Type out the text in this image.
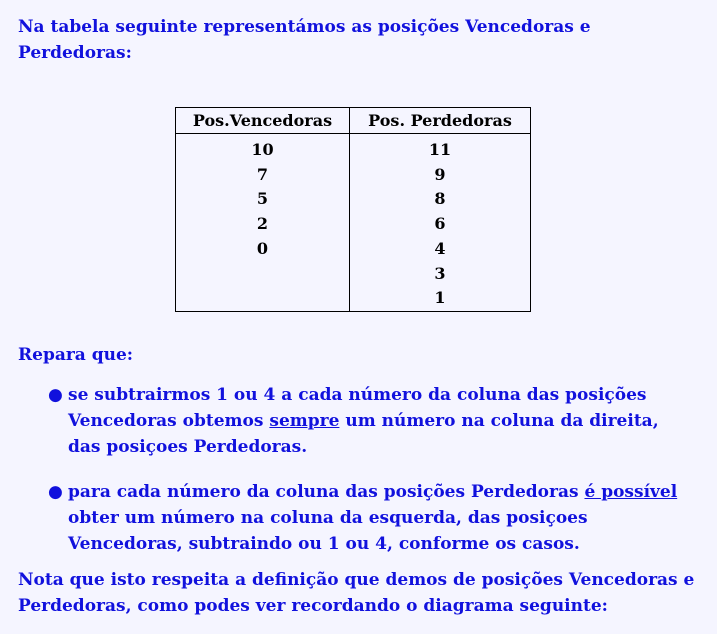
Na tabela seguinte representámos as posições Vencedoras e Perdedoras:

Pos.Vencedoras	Pos. Perdedoras
10	11
7	9
5	8
2	6
0	4
	3
	1

Repara que:

● se subtrairmos 1 ou 4 a cada número da coluna das posições Vencedoras obtemos sempre um número na coluna da direita, das posiçoes Perdedoras.
● para cada número da coluna das posições Perdedoras é possível obter um número na coluna da esquerda, das posiçoes Vencedoras, subtraindo ou 1 ou 4, conforme os casos.

Nota que isto respeita a definição que demos de posições Vencedoras e Perdedoras, como podes ver recordando o diagrama seguinte:
